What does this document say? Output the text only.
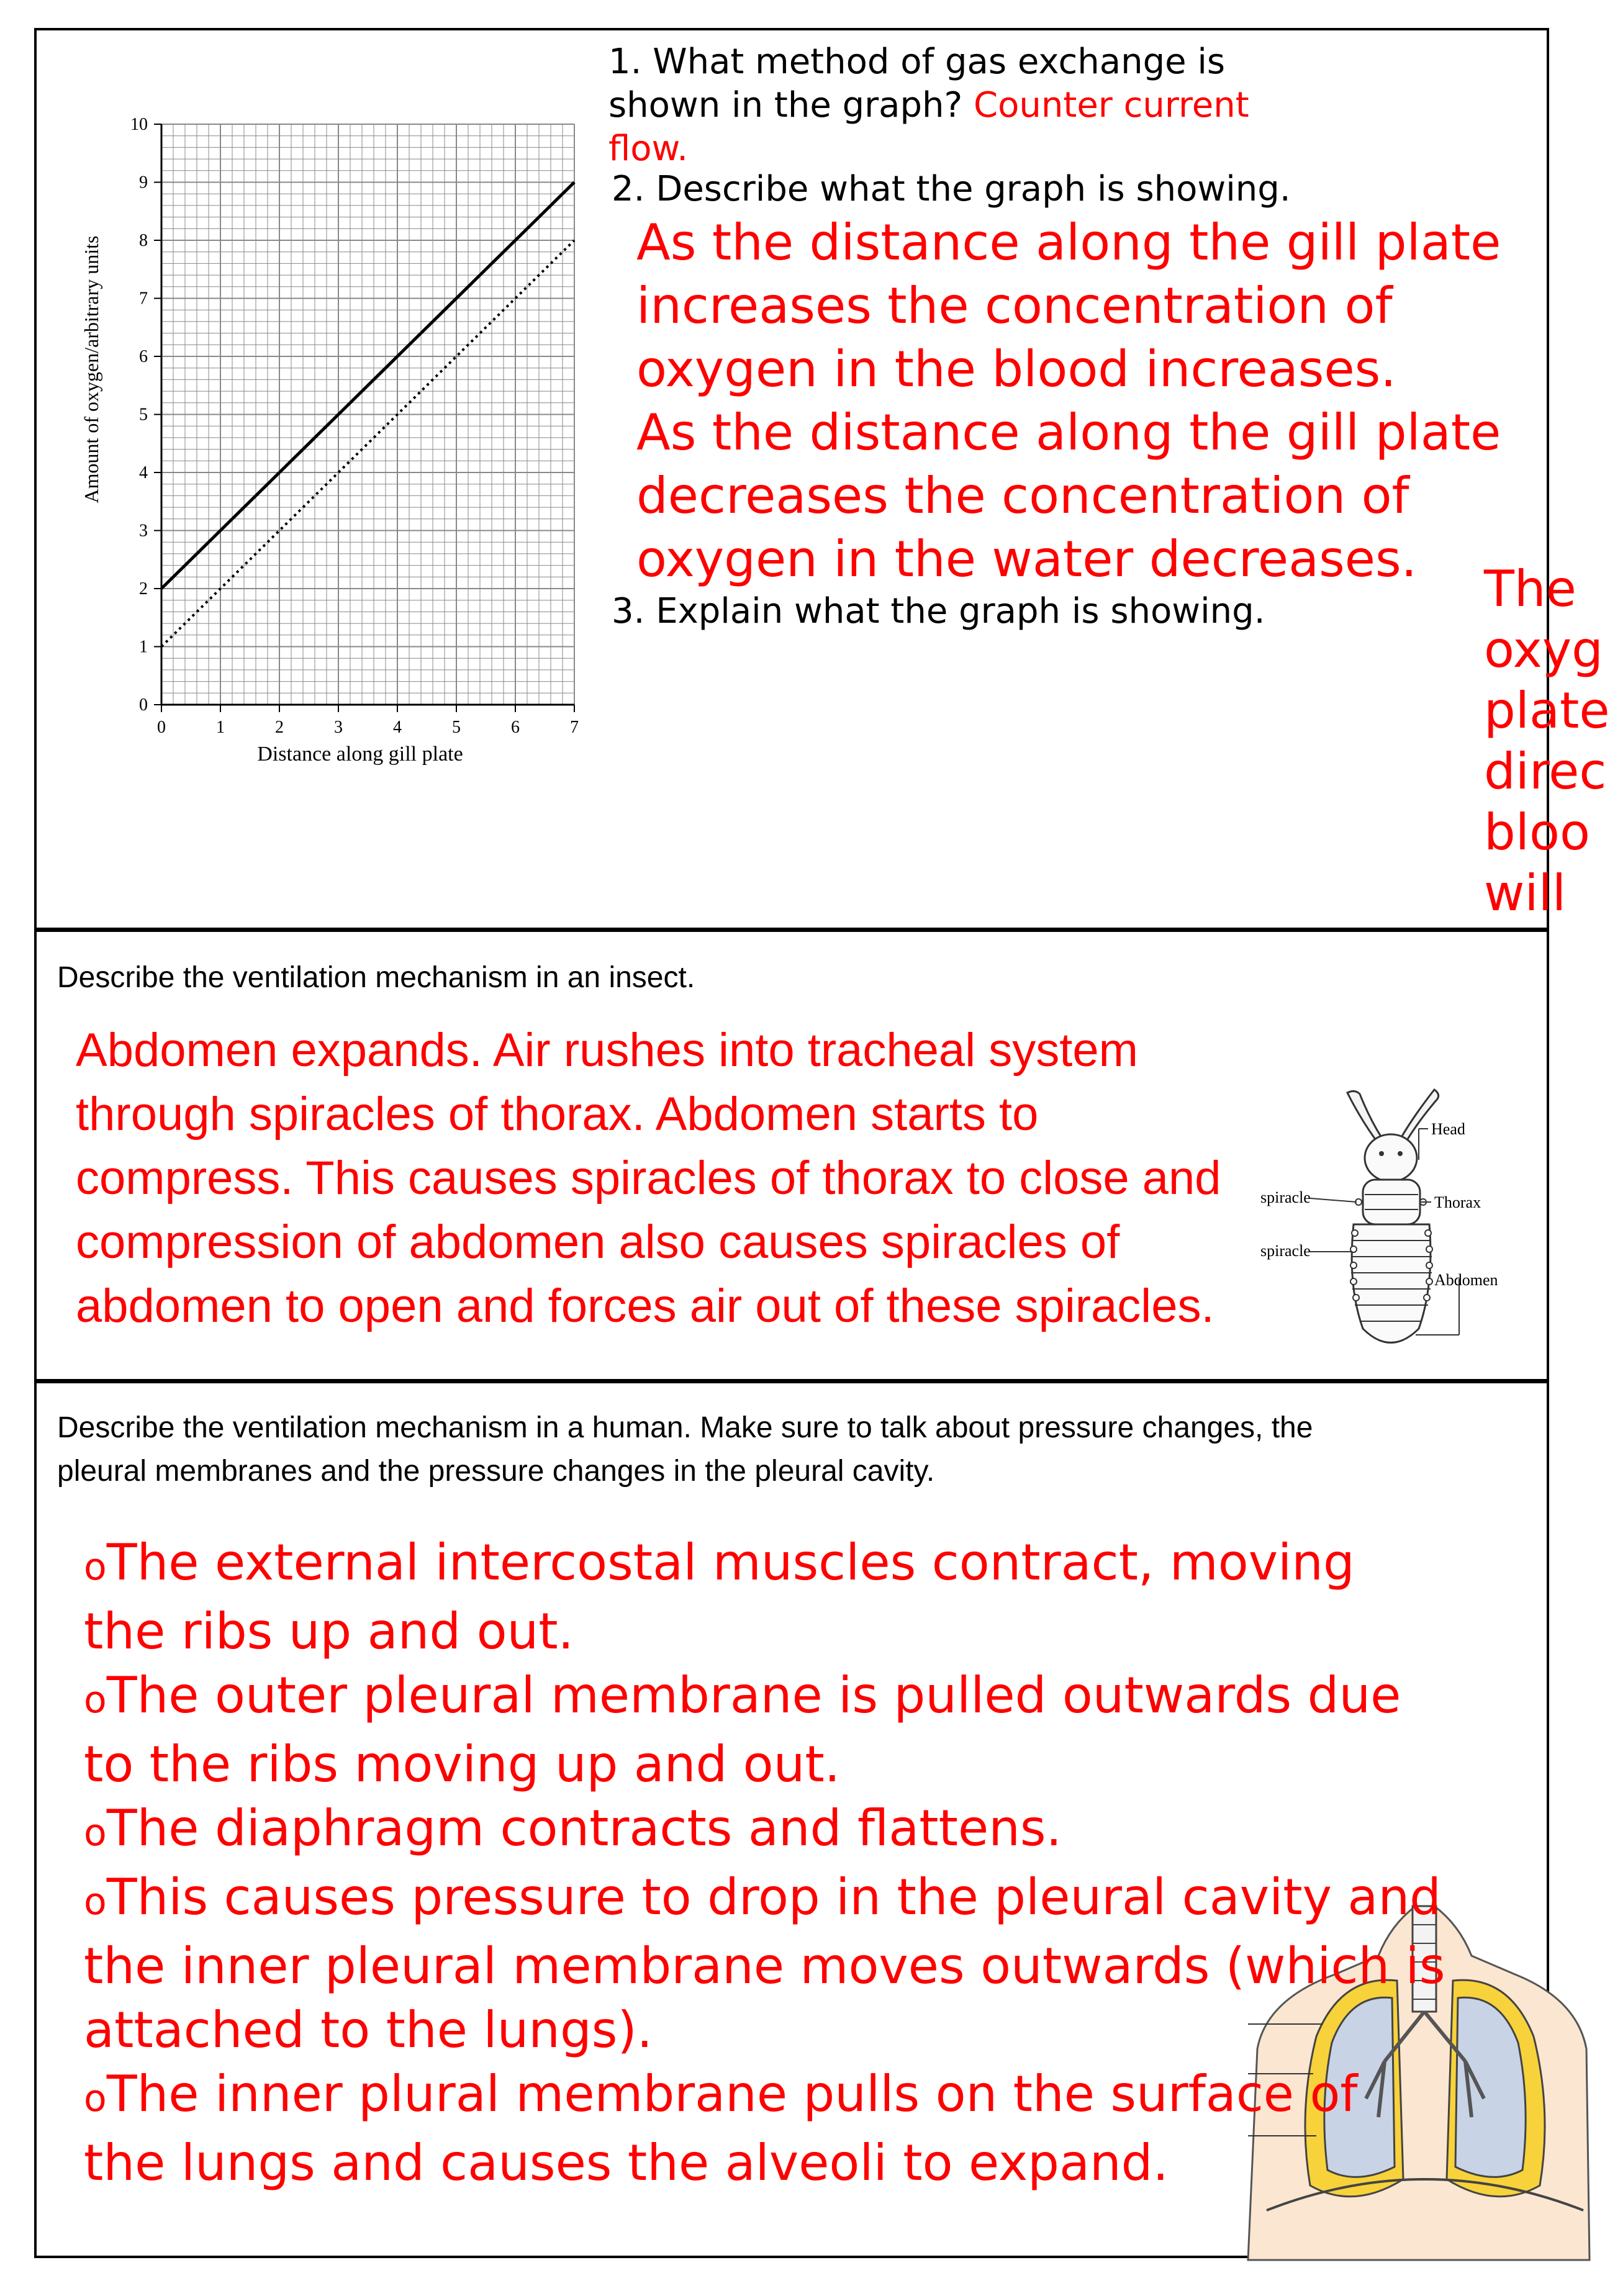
0	1	2	3	4	5	6	7
0
1
2
3
4
5
6
7
8
9
10
Distance along gill plate
Amount of oxygen/arbitrary units
1. What method of gas exchange is shown in the graph? Counter current flow.
2. Describe what the graph is showing.
As the distance along the gill plate
increases the concentration of
oxygen in the blood increases.
As the distance along the gill plate
decreases the concentration of
oxygen in the water decreases.
3. Explain what the graph is showing.	The
oxyg
plate
direc
bloo
will
Describe the ventilation mechanism in an insect.
Abdomen expands. Air rushes into tracheal system
through spiracles of thorax. Abdomen starts to
compress. This causes spiracles of thorax to close and
compression of abdomen also causes spiracles of
abdomen to open and forces air out of these spiracles.
Head
Thorax
Abdomen
spiracle
spiracle
Describe the ventilation mechanism in a human. Make sure to talk about pressure changes, the
pleural membranes and the pressure changes in the pleural cavity.
oThe external intercostal muscles contract, moving
the ribs up and out.
oThe outer pleural membrane is pulled outwards due
to the ribs moving up and out.
oThe diaphragm contracts and flattens.
oThis causes pressure to drop in the pleural cavity and
the inner pleural membrane moves outwards (which is
attached to the lungs).
oThe inner plural membrane pulls on the surface of
the lungs and causes the alveoli to expand.
